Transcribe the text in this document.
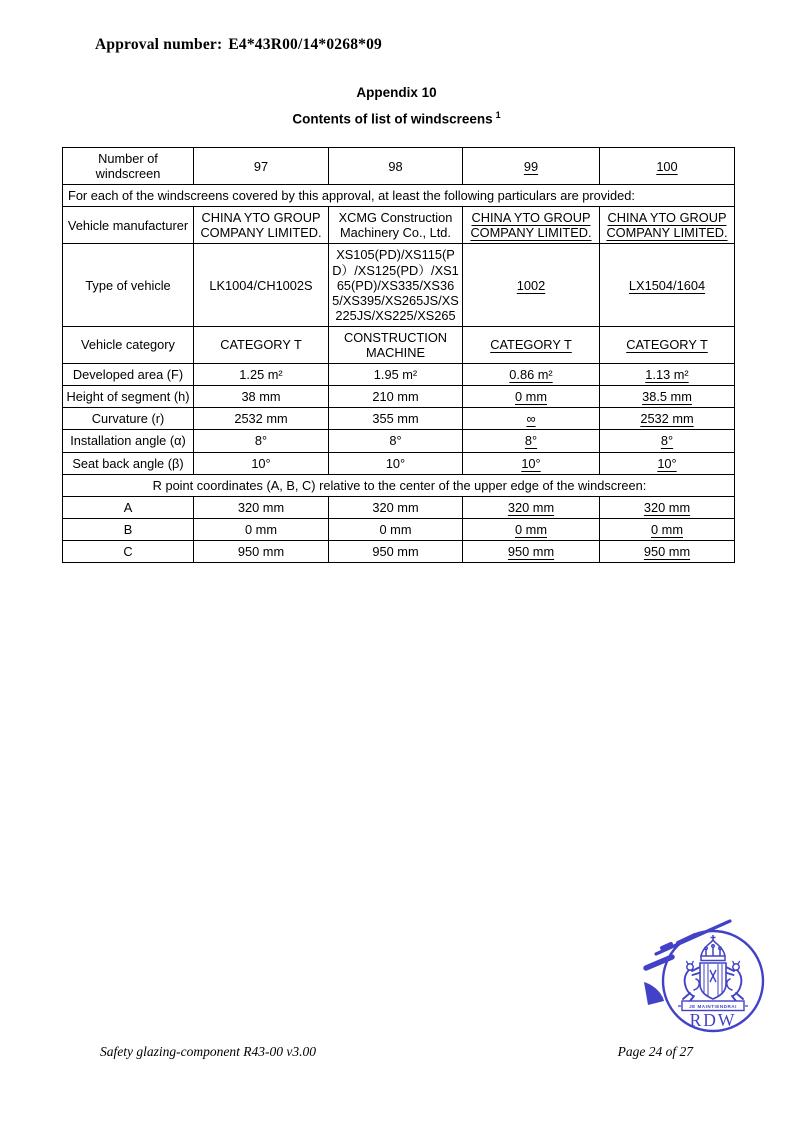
Approval number: E4*43R00/14*0268*09
Appendix 10
Contents of list of windscreens $^1$
Number of windscreen	97	98	99	100
For each of the windscreens covered by this approval, at least the following particulars are provided:				
Vehicle manufacturer	CHINA YTO GROUP COMPANY LIMITED.	XCMG Construction Machinery Co., Ltd.	CHINA YTO GROUP COMPANY LIMITED.	CHINA YTO GROUP COMPANY LIMITED.
Type of vehicle	LK1004/CH1002S	XS105(PD)/XS115(PD）/XS125(PD）/XS165(PD)/XS335/XS365/XS395/XS265JS/XS225JS/XS225/XS265	1002	LX1504/1604
Vehicle category	CATEGORY T	CONSTRUCTION MACHINE	CATEGORY T	CATEGORY T
Developed area (F)	1.25 m²	1.95 m²	0.86 m²	1.13 m²
Height of segment (h)	38 mm	210 mm	0 mm	38.5 mm
Curvature (r)	2532 mm	355 mm	∞	2532 mm
Installation angle (α)	8°	8°	8°	8°
Seat back angle (β)	10°	10°	10°	10°
R point coordinates (A, B, C) relative to the center of the upper edge of the windscreen:				
A	320 mm	320 mm	320 mm	320 mm
B	0 mm	0 mm	0 mm	0 mm
C	950 mm	950 mm	950 mm	950 mm
JE MAINTIENDRAI
RDW
Safety glazing-component R43-00 v3.00	Page 24 of 27
